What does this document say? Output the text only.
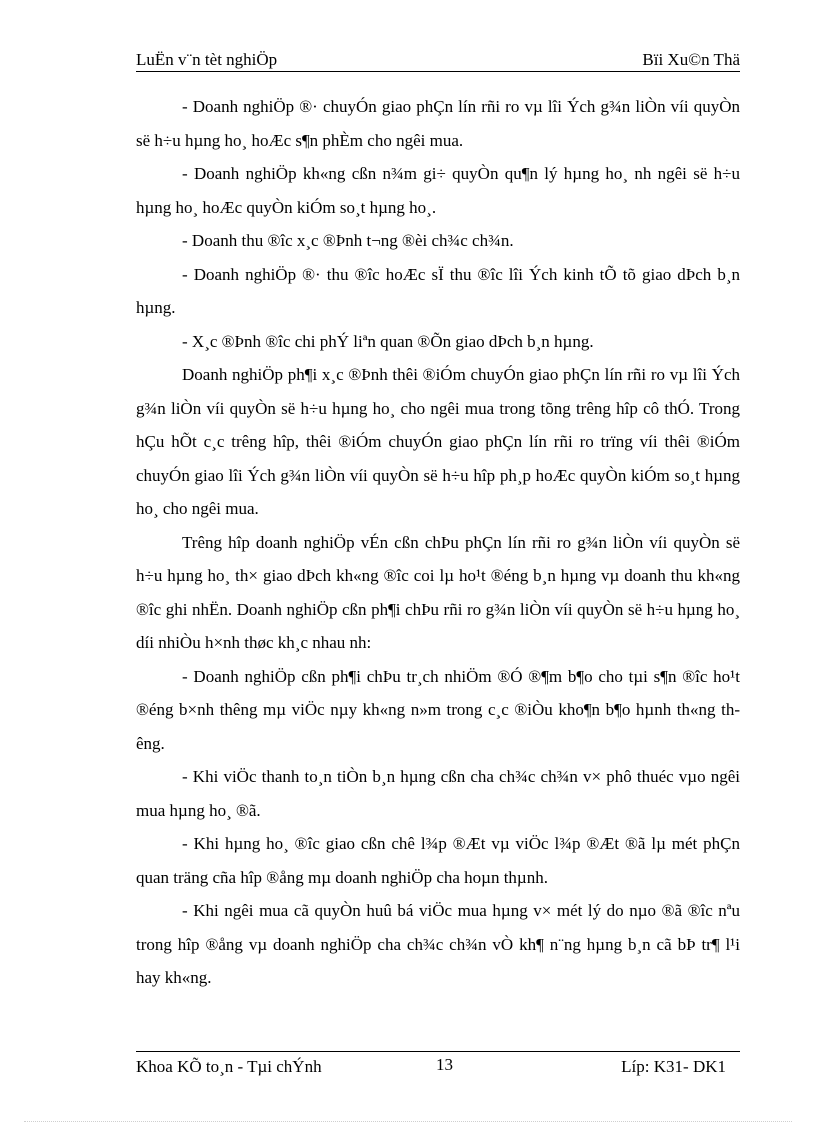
LuËn v¨n tèt nghiÖp	Bïi Xu©n Thä

- Doanh nghiÖp ®· chuyÓn giao phÇn lín rñi ro vµ lîi Ých g¾n liÒn víi quyÒn së h÷u hµng ho¸ hoÆc s¶n phÈm cho ngêi mua.

- Doanh nghiÖp kh«ng cßn n¾m gi÷ quyÒn qu¶n lý hµng ho¸ nh ngêi së h÷u hµng ho¸ hoÆc quyÒn kiÓm so¸t hµng ho¸.

- Doanh thu ®îc x¸c ®Þnh t¬ng ®èi ch¾c ch¾n.

- Doanh nghiÖp ®· thu ®îc hoÆc sÏ thu ®îc lîi Ých kinh tÕ tõ giao dÞch b¸n hµng.

- X¸c ®Þnh ®îc chi phÝ liªn quan ®Õn giao dÞch b¸n hµng.

Doanh nghiÖp ph¶i x¸c ®Þnh thêi ®iÓm chuyÓn giao phÇn lín rñi ro vµ lîi Ých g¾n liÒn víi quyÒn së h÷u hµng ho¸ cho ngêi mua trong tõng trêng hîp cô thÓ. Trong hÇu hÕt c¸c trêng hîp, thêi ®iÓm chuyÓn giao phÇn lín rñi ro trïng víi thêi ®iÓm chuyÓn giao lîi Ých g¾n liÒn víi quyÒn së h÷u hîp ph¸p hoÆc quyÒn kiÓm so¸t hµng ho¸ cho ngêi mua.

Trêng hîp doanh nghiÖp vÉn cßn chÞu phÇn lín rñi ro g¾n liÒn víi quyÒn së h÷u hµng ho¸ th× giao dÞch kh«ng ®îc coi lµ ho¹t ®éng b¸n hµng vµ doanh thu kh«ng ®îc ghi nhËn. Doanh nghiÖp cßn ph¶i chÞu rñi ro g¾n liÒn víi quyÒn së h÷u hµng ho¸ díi nhiÒu h×nh thøc kh¸c nhau nh:

- Doanh nghiÖp cßn ph¶i chÞu tr¸ch nhiÖm ®Ó ®¶m b¶o cho tµi s¶n ®îc ho¹t ®éng b×nh thêng mµ viÖc nµy kh«ng n»m trong c¸c ®iÒu kho¶n b¶o hµnh th«ng thêng.

- Khi viÖc thanh to¸n tiÒn b¸n hµng cßn cha ch¾c ch¾n v× phô thuéc vµo ngêi mua hµng ho¸ ®ã.

- Khi hµng ho¸ ®îc giao cßn chê l¾p ®Æt vµ viÖc l¾p ®Æt ®ã lµ mét phÇn quan träng cña hîp ®ång mµ doanh nghiÖp cha hoµn thµnh.

- Khi ngêi mua cã quyÒn huû bá viÖc mua hµng v× mét lý do nµo ®ã ®îc nªu trong hîp ®ång vµ doanh nghiÖp cha ch¾c ch¾n vÒ kh¶ n¨ng hµng b¸n cã bÞ tr¶ l¹i hay kh«ng.

Khoa KÕ to¸n - Tµi chÝnh	13	Líp: K31- DK1
